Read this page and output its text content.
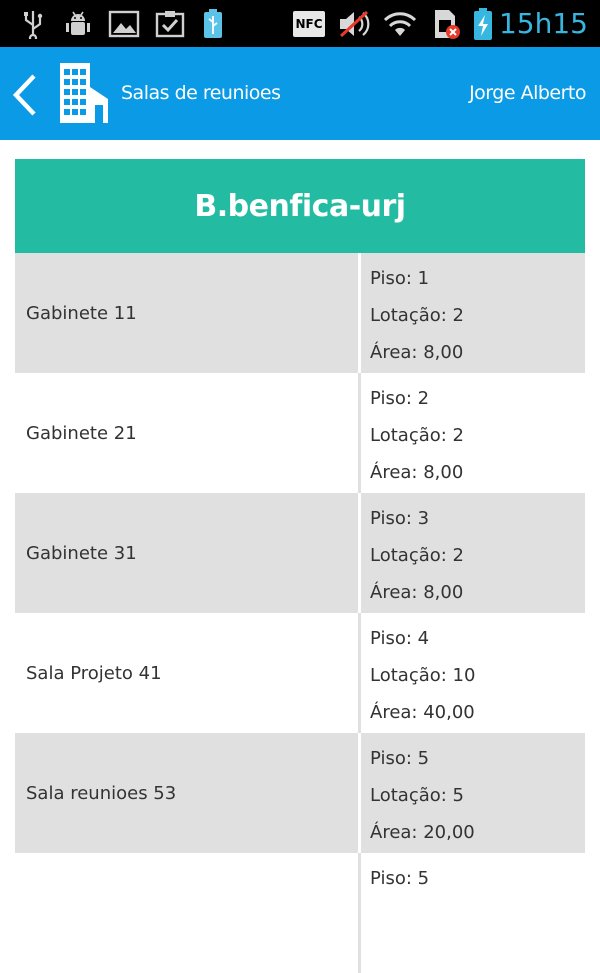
NFC	15h15
Salas de reunioes	Jorge Alberto
B.benfica-urj
Gabinete 11
Piso: 1
Lotação: 2
Área: 8,00
Gabinete 21
Piso: 2
Lotação: 2
Área: 8,00
Gabinete 31
Piso: 3
Lotação: 2
Área: 8,00
Sala Projeto 41
Piso: 4
Lotação: 10
Área: 40,00
Sala reunioes 53
Piso: 5
Lotação: 5
Área: 20,00
Piso: 5
